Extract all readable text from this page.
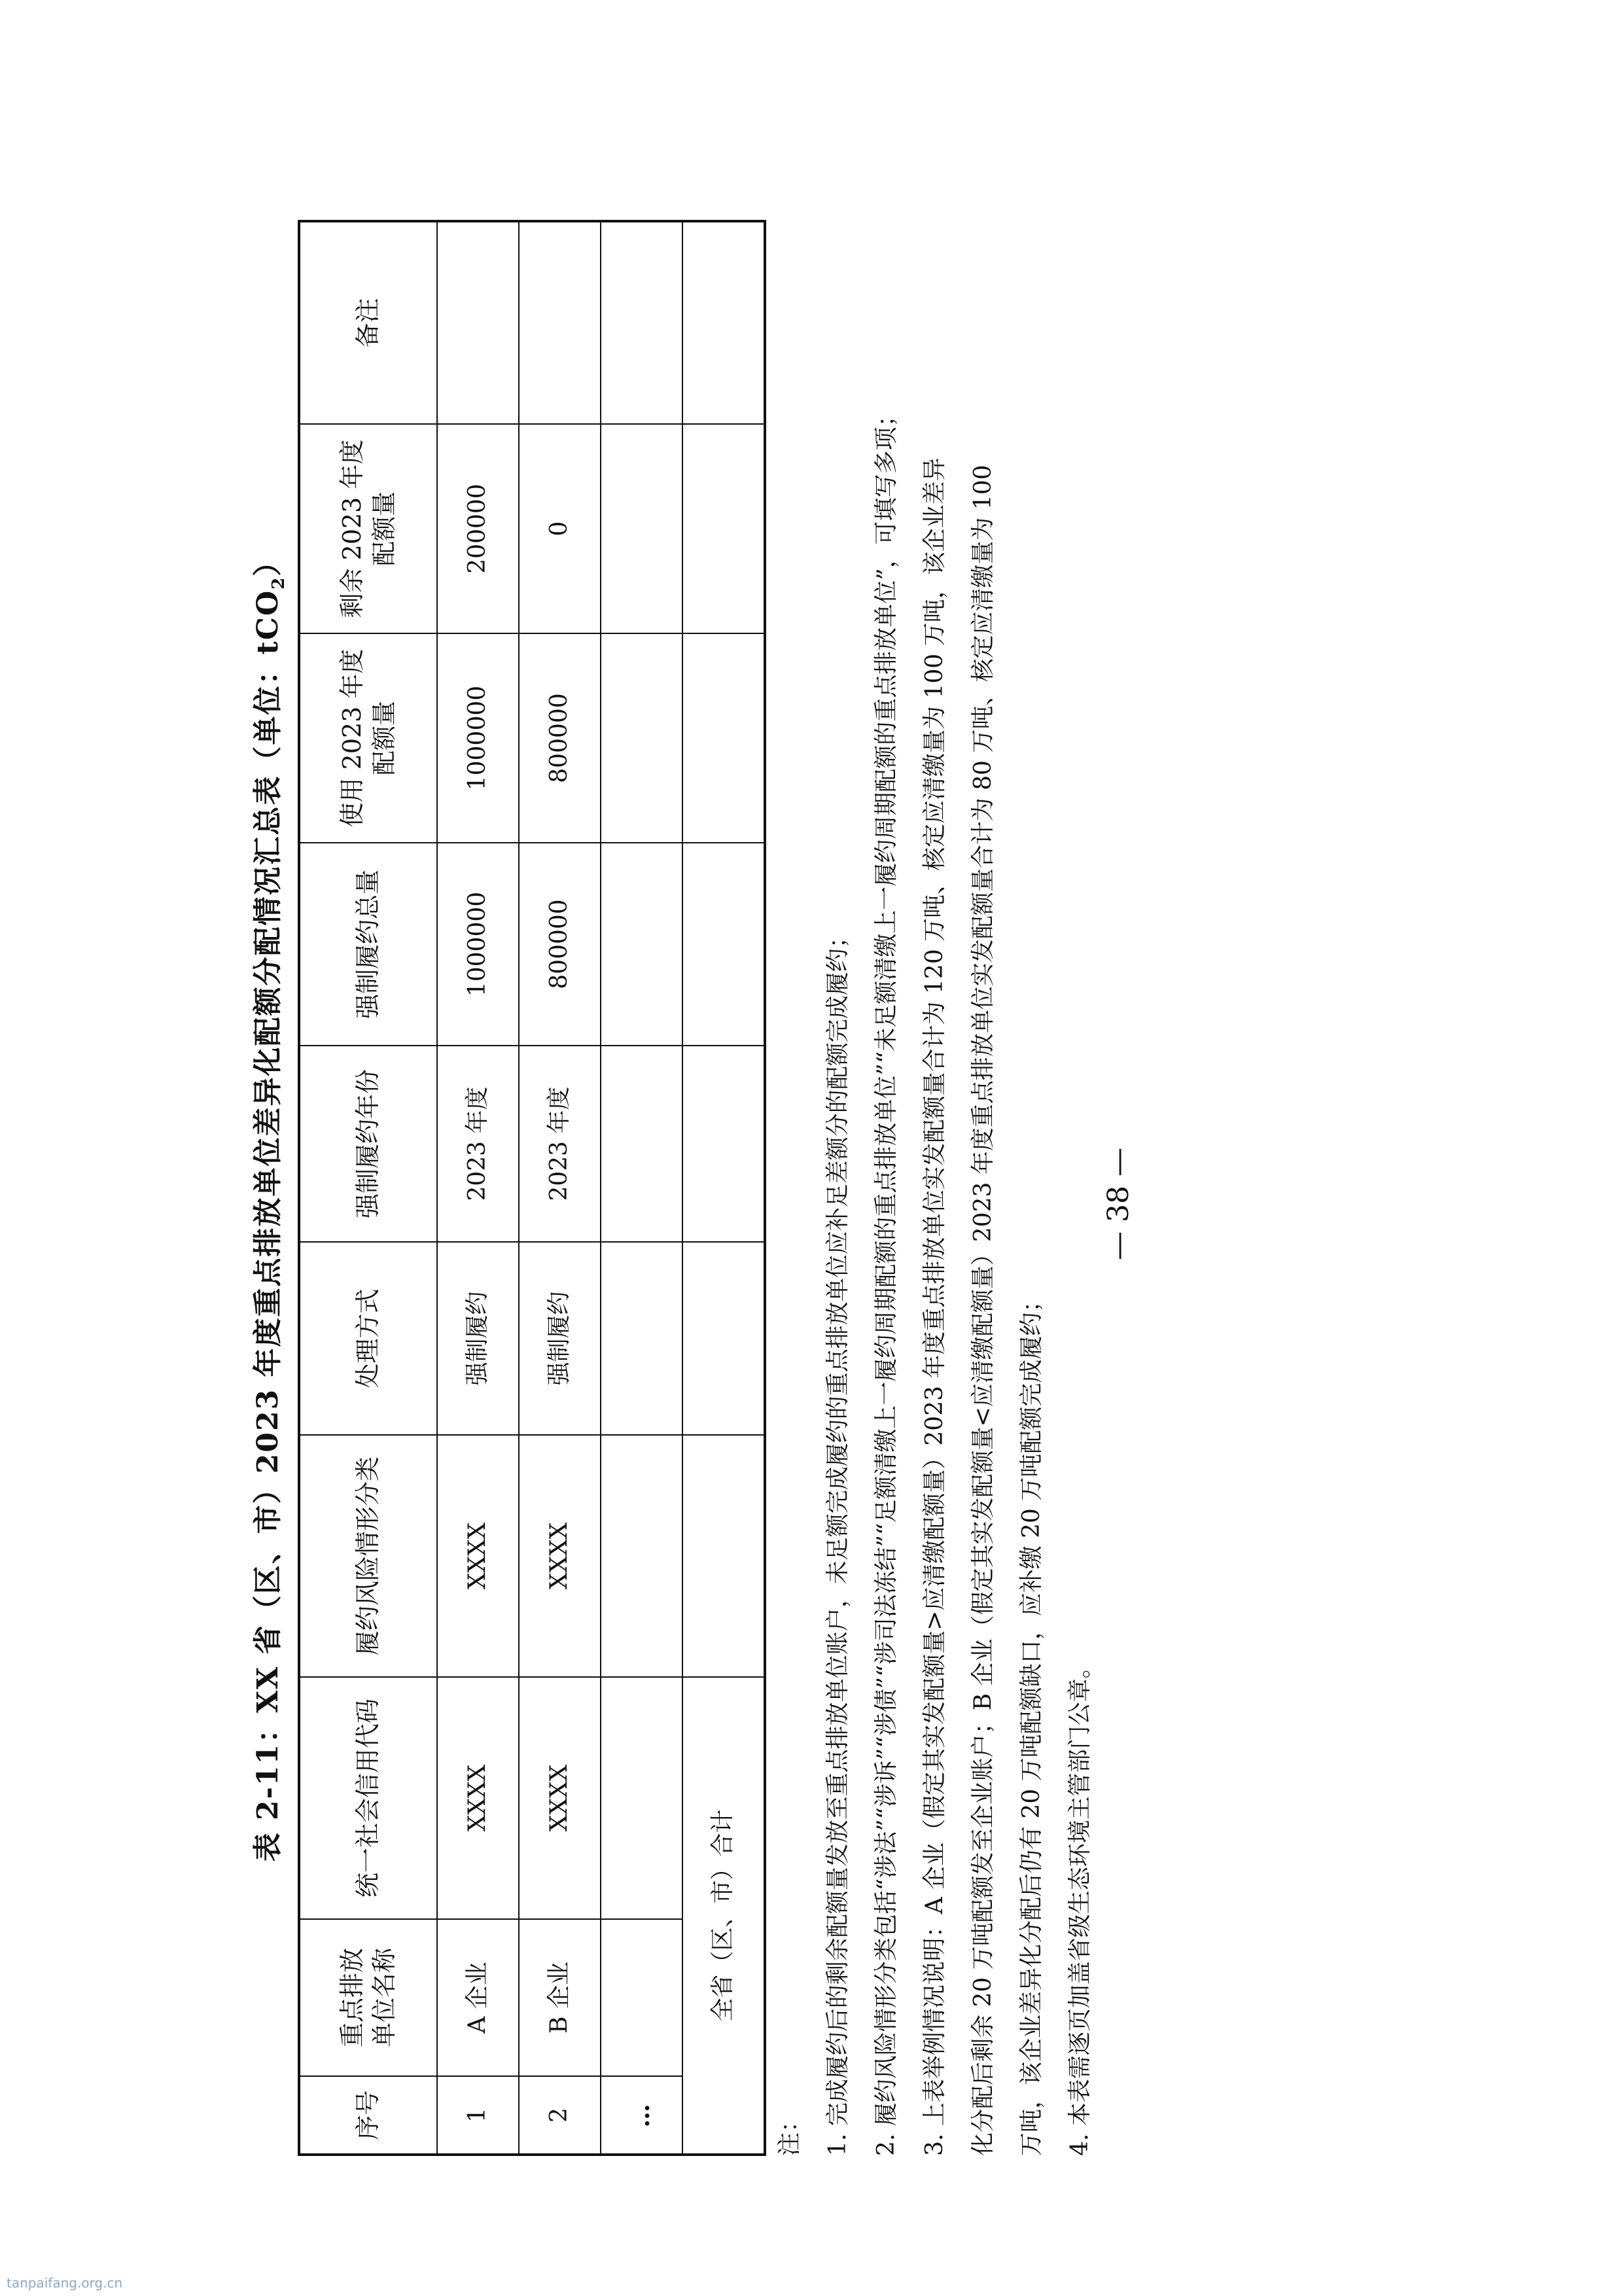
表 2-11：XX 省（区、市）2023 年度重点排放单位差异化配额分配情况汇总表（单位：tCO$_2$）
序号	重点排放 单位名称	统一社会信用代码	履约风险情形分类	处理方式	强制履约年份	强制履约总量	使用 2023 年度 配额量	剩余 2023 年度 配额量	备注

1	A 企业	XXXX	XXXX	强制履约	2023 年度	1000000	1000000	200000	
2	B 企业	XXXX	XXXX	强制履约	2023 年度	800000	800000	0	
…									
全省（区、市）合计									
注： 1. 完成履约后的剩余配额量发放至重点排放单位账户，未足额完成履约的重点排放单位应补足差额分的配额完成履约； 2. 履约风险情形分类包括“涉法”“涉诉”“涉债”“涉司法冻结”“足额清缴上一履约周期配额的重点排放单位”“未足额清缴上一履约周期配额的重点排放单位”，可填写多项； 3. 上表举例情况说明：A 企业（假定其实发配额量>应清缴配额量）2023 年度重点排放单位实发配额量合计为 120 万吨、核定应清缴量为 100 万吨，该企业差异 化分配后剩余 20 万吨配额发至企业账户；B 企业（假定其实发配额量<应清缴配额量）2023 年度重点排放单位实发配额量合计为 80 万吨、核定应清缴量为 100 万吨，该企业差异化分配后仍有 20 万吨配额缺口，应补缴 20 万吨配额完成履约； 4. 本表需逐页加盖省级生态环境主管部门公章。
— 38 —
tanpaifang.org.cn
